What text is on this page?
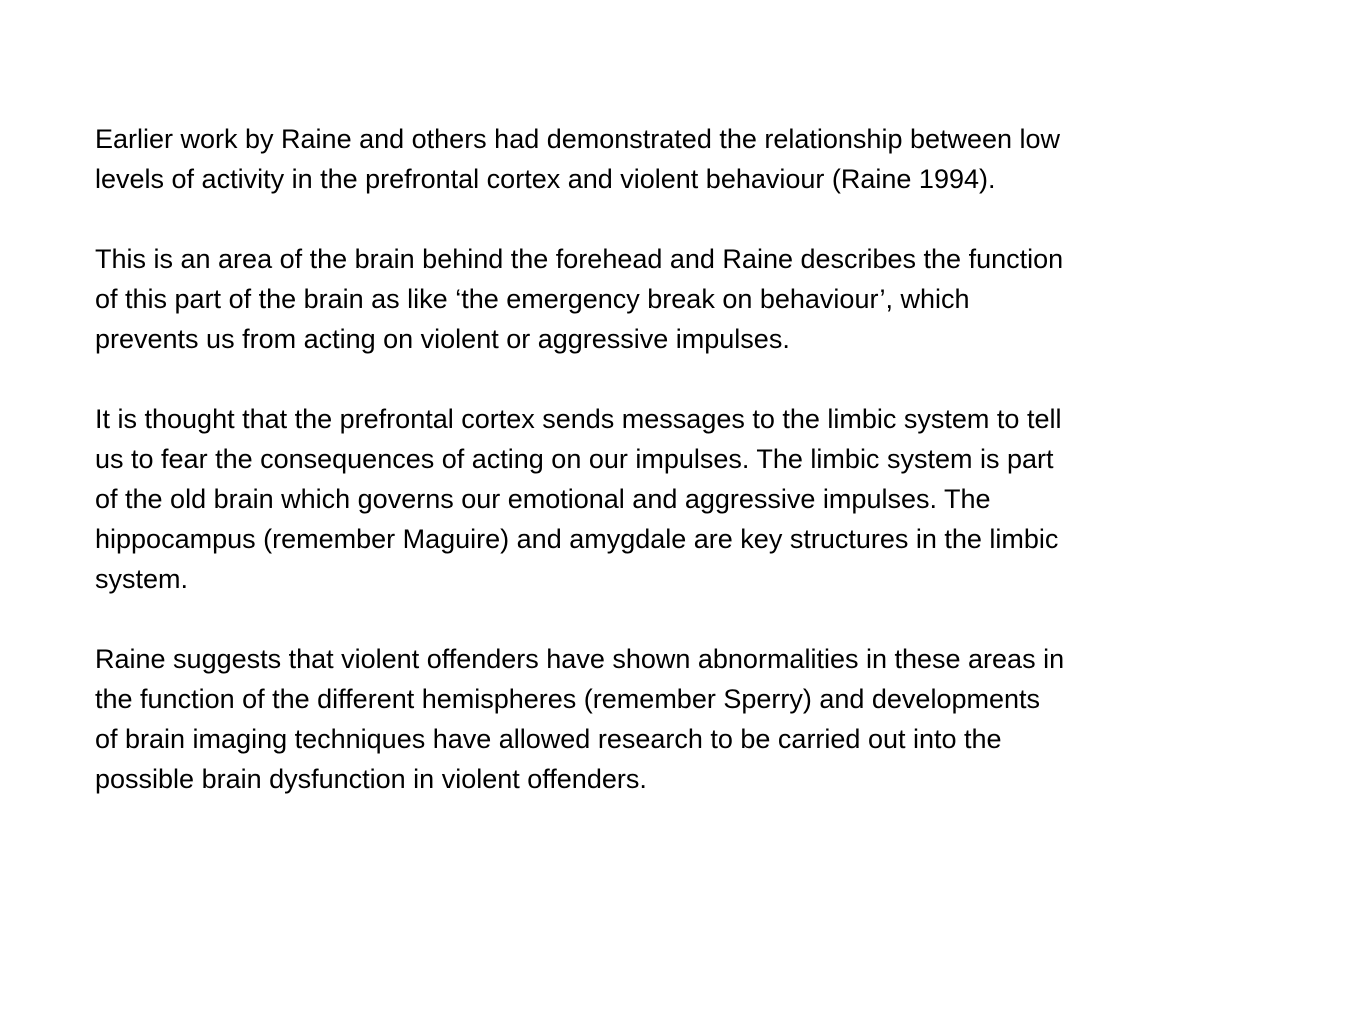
Earlier work by Raine and others had demonstrated the relationship between low
levels of activity in the prefrontal cortex and violent behaviour (Raine 1994).
This is an area of the brain behind the forehead and Raine describes the function
of this part of the brain as like ‘the emergency break on behaviour’, which
prevents us from acting on violent or aggressive impulses.
It is thought that the prefrontal cortex sends messages to the limbic system to tell
us to fear the consequences of acting on our impulses. The limbic system is part
of the old brain which governs our emotional and aggressive impulses. The
hippocampus (remember Maguire) and amygdale are key structures in the limbic
system.
Raine suggests that violent offenders have shown abnormalities in these areas in
the function of the different hemispheres (remember Sperry) and developments
of brain imaging techniques have allowed research to be carried out into the
possible brain dysfunction in violent offenders.
